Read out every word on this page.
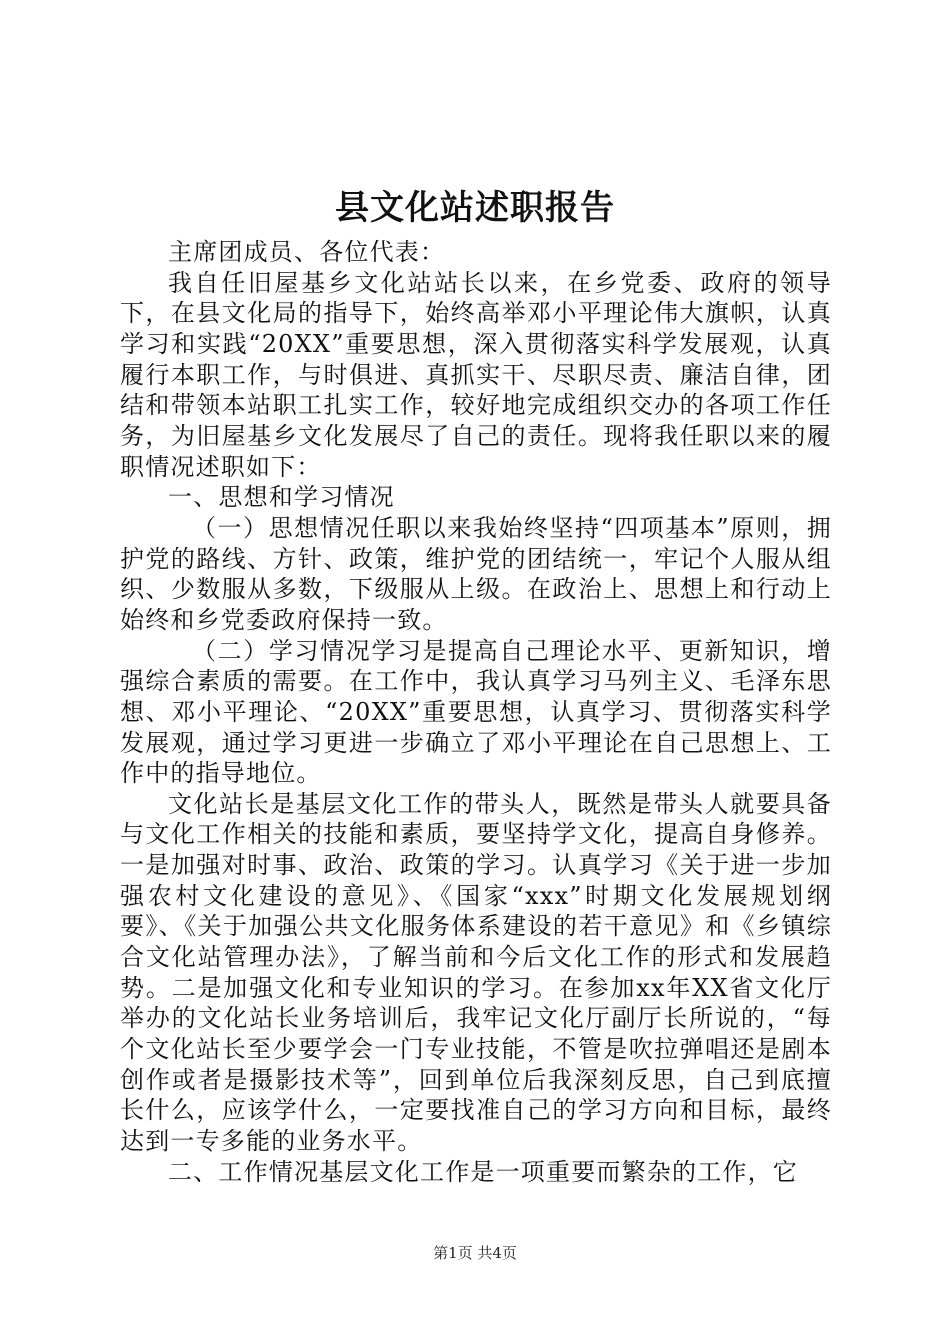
县文化站述职报告

主席团成员、各位代表：

我自任旧屋基乡文化站站长以来，在乡党委、政府的领导下，在县文化局的指导下，始终高举邓小平理论伟大旗帜，认真学习和实践“20XX”重要思想，深入贯彻落实科学发展观，认真履行本职工作，与时俱进、真抓实干、尽职尽责、廉洁自律，团结和带领本站职工扎实工作，较好地完成组织交办的各项工作任务，为旧屋基乡文化发展尽了自己的责任。现将我任职以来的履职情况述职如下：

一、思想和学习情况

（一）思想情况任职以来我始终坚持“四项基本”原则，拥护党的路线、方针、政策，维护党的团结统一，牢记个人服从组织、少数服从多数，下级服从上级。在政治上、思想上和行动上始终和乡党委政府保持一致。

（二）学习情况学习是提高自己理论水平、更新知识，增强综合素质的需要。在工作中，我认真学习马列主义、毛泽东思想、邓小平理论、“20XX”重要思想，认真学习、贯彻落实科学发展观，通过学习更进一步确立了邓小平理论在自己思想上、工作中的指导地位。

文化站长是基层文化工作的带头人，既然是带头人就要具备与文化工作相关的技能和素质，要坚持学文化，提高自身修养。一是加强对时事、政治、政策的学习。认真学习《关于进一步加强农村文化建设的意见》、《国家“xxx”时期文化发展规划纲要》、《关于加强公共文化服务体系建设的若干意见》和《乡镇综合文化站管理办法》，了解当前和今后文化工作的形式和发展趋势。二是加强文化和专业知识的学习。在参加xx年XX省文化厅举办的文化站长业务培训后，我牢记文化厅副厅长所说的，“每个文化站长至少要学会一门专业技能，不管是吹拉弹唱还是剧本创作或者是摄影技术等”，回到单位后我深刻反思，自己到底擅长什么，应该学什么，一定要找准自己的学习方向和目标，最终达到一专多能的业务水平。

二、工作情况基层文化工作是一项重要而繁杂的工作，它

第1页 共4页
